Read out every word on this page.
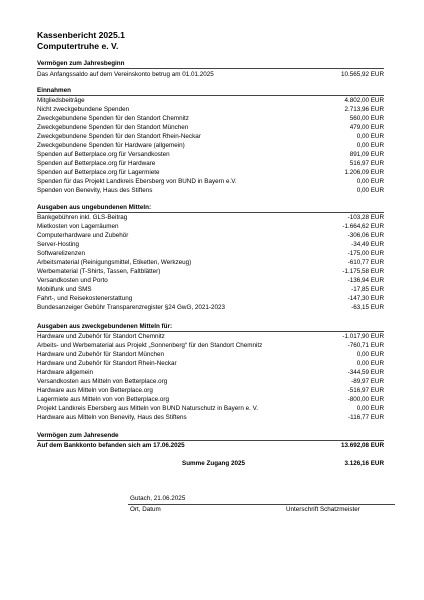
Kassenbericht 2025.1
Computertruhe e. V.
Vermögen zum Jahresbeginn
Das Anfangssaldo auf dem Vereinskonto betrug am 01.01.2025	10.565,92 EUR
Einnahmen
Mitgliedsbeiträge	4.802,00 EUR
Nicht zweckgebundene Spenden	2.713,96 EUR
Zweckgebundene Spenden für den Standort Chemnitz	560,00 EUR
Zweckgebundene Spenden für den Standort München	479,00 EUR
Zweckgebundene Spenden für den Standort Rhein-Neckar	0,00 EUR
Zweckgebundene Spenden für Hardware (allgemein)	0,00 EUR
Spenden auf Betterplace.org für Versandkosten	891,09 EUR
Spenden auf Betterplace.org für Hardware	516,97 EUR
Spenden auf Betterplace.org für Lagermiete	1.206,09 EUR
Spenden für das Projekt Landkreis Ebersberg von BUND in Bayern e.V.	0,00 EUR
Spenden von Benevity, Haus des Stiftens	0,00 EUR
Ausgaben aus ungebundenen Mitteln:
Bankgebühren inkl. GLS-Beitrag	-103,28 EUR
Mietkosten von Lagerräumen	-1.664,62 EUR
Computerhardware und Zubehör	-306,06 EUR
Server-Hosting	-34,49 EUR
Softwarelizenzen	-175,00 EUR
Arbeitsmaterial (Reinigungsmittel, Etiketten, Werkzeug)	-610,77 EUR
Werbematerial (T-Shirts, Tassen, Faltblätter)	-1.175,58 EUR
Versandkosten und Porto	-136,94 EUR
Mobilfunk und SMS	-17,85 EUR
Fahrt-, und Reisekostenerstattung	-147,30 EUR
Bundesanzeiger Gebühr Transparenzregister §24 GwG, 2021-2023	-63,15 EUR
Ausgaben aus zweckgebundenen Mitteln für:
Hardware und Zubehör für Standort Chemnitz	-1.017,90 EUR
Arbeits- und Werbematerial aus Projekt „Sonnenberg“ für den Standort Chemnitz	-760,71 EUR
Hardware und Zubehör für Standort München	0,00 EUR
Hardware und Zubehör für Standort Rhein-Neckar	0,00 EUR
Hardware allgemein	-344,59 EUR
Versandkosten aus Mitteln von Betterplace.org	-89,97 EUR
Hardware aus Mitteln von Betterplace.org	-516,97 EUR
Lagermiete aus Mitteln von von Betterplace.org	-800,00 EUR
Projekt Landkreis Ebersberg aus Mitteln von BUND Naturschutz in Bayern e. V.	0,00 EUR
Hardware aus Mitteln von Benevity, Haus des Stiftens	-116,77 EUR
Vermögen zum Jahresende
Auf dem Bankkonto befanden sich am 17.06.2025	13.692,08 EUR
Summe Zugang 2025	3.126,16 EUR
Gutach, 21.06.2025
Ort, Datum	Unterschrift Schatzmeister
